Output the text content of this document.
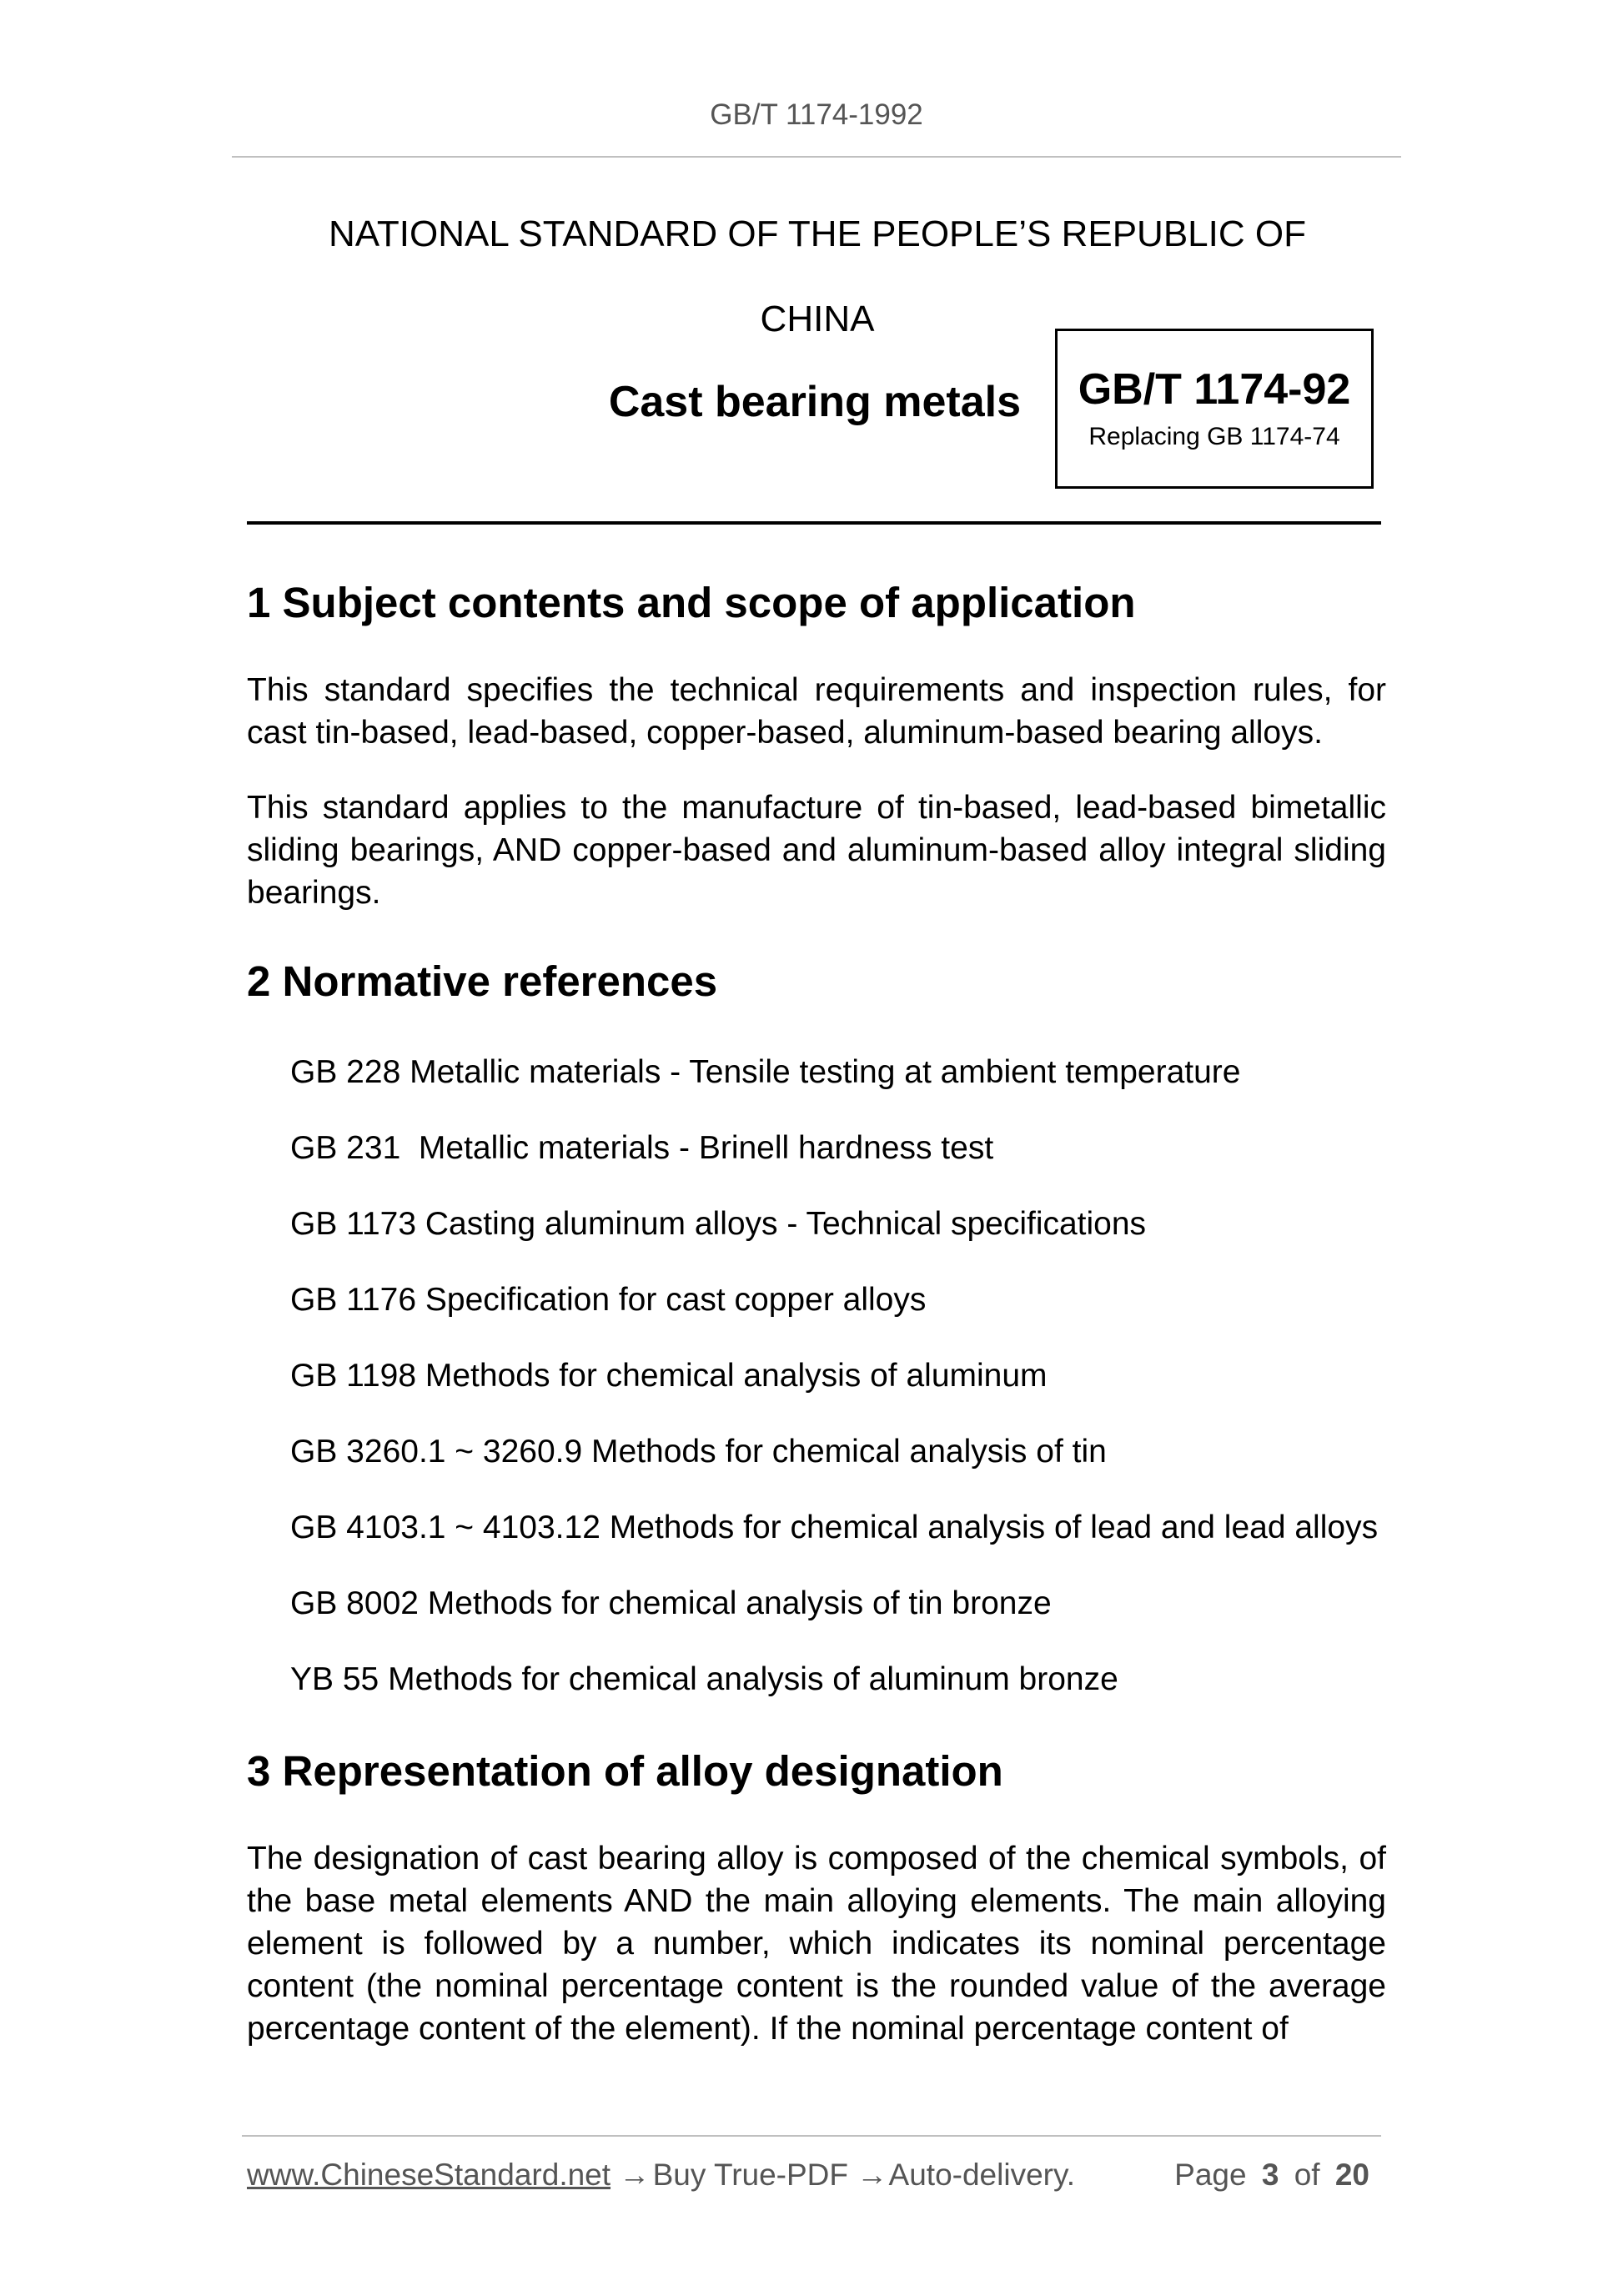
GB/T 1174-1992
NATIONAL STANDARD OF THE PEOPLE’S REPUBLIC OF
CHINA
Cast bearing metals	GB/T 1174-92
Replacing GB 1174-74
1 Subject contents and scope of application

This standard specifies the technical requirements and inspection rules, for cast tin-based, lead-based, copper-based, aluminum-based bearing alloys.

This standard applies to the manufacture of tin-based, lead-based bimetallic sliding bearings, AND copper-based and aluminum-based alloy integral sliding bearings.

2 Normative references
GB 228 Metallic materials - Tensile testing at ambient temperature
GB 231  Metallic materials - Brinell hardness test
GB 1173 Casting aluminum alloys - Technical specifications
GB 1176 Specification for cast copper alloys
GB 1198 Methods for chemical analysis of aluminum
GB 3260.1 ~ 3260.9 Methods for chemical analysis of tin
GB 4103.1 ~ 4103.12 Methods for chemical analysis of lead and lead alloys
GB 8002 Methods for chemical analysis of tin bronze
YB 55 Methods for chemical analysis of aluminum bronze
3 Representation of alloy designation

The designation of cast bearing alloy is composed of the chemical symbols, of the base metal elements AND the main alloying elements. The main alloying element is followed by a number, which indicates its nominal percentage content (the nominal percentage content is the rounded value of the average percentage content of the element). If the nominal percentage content of

www.ChineseStandard.net → Buy True-PDF → Auto-delivery.	Page 3 of 20
